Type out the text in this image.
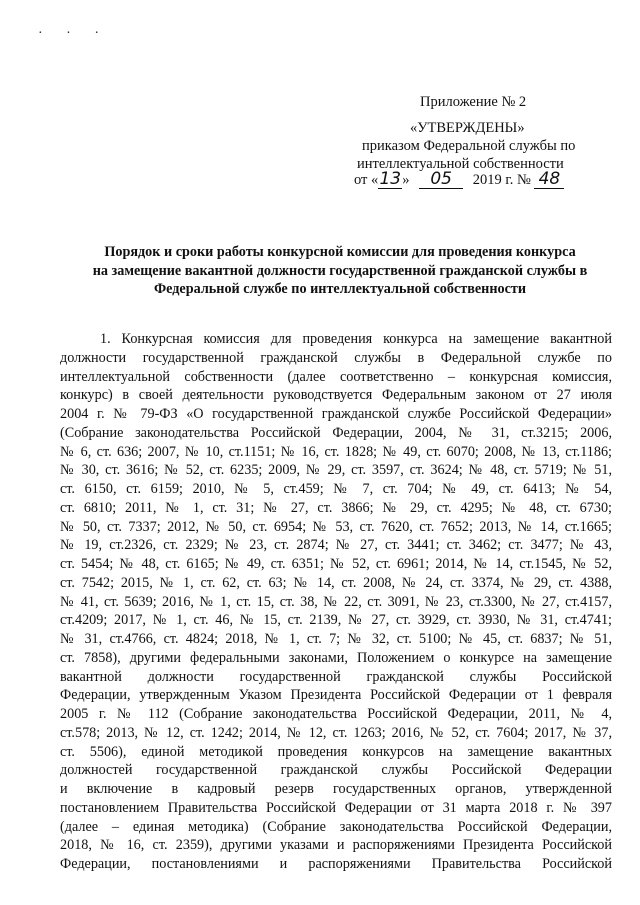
· · ·
Приложение № 2
«УТВЕРЖДЕНЫ»
приказом Федеральной службы по
интеллектуальной собственности
от «13» 05 2019 г. № 48
Порядок и сроки работы конкурсной комиссии для проведения конкурса
на замещение вакантной должности государственной гражданской службы в
Федеральной службе по интеллектуальной собственности
1. Конкурсная комиссия для проведения конкурса на замещение вакантной
должности государственной гражданской службы в Федеральной службе по
интеллектуальной собственности (далее соответственно – конкурсная комиссия,
конкурс) в своей деятельности руководствуется Федеральным законом от 27 июля
2004 г. № 79-ФЗ «О государственной гражданской службе Российской Федерации»
(Собрание законодательства Российской Федерации, 2004, № 31, ст.3215; 2006,
№ 6, ст. 636; 2007, № 10, ст.1151; № 16, ст. 1828; № 49, ст. 6070; 2008, № 13, ст.1186;
№ 30, ст. 3616; № 52, ст. 6235; 2009, № 29, ст. 3597, ст. 3624; № 48, ст. 5719; № 51,
ст. 6150, ст. 6159; 2010, № 5, ст.459; № 7, ст. 704; № 49, ст. 6413; № 54,
ст. 6810; 2011, № 1, ст. 31; № 27, ст. 3866; № 29, ст. 4295; № 48, ст. 6730;
№ 50, ст. 7337; 2012, № 50, ст. 6954; № 53, ст. 7620, ст. 7652; 2013, № 14, ст.1665;
№ 19, ст.2326, ст. 2329; № 23, ст. 2874; № 27, ст. 3441; ст. 3462; ст. 3477; № 43,
ст. 5454; № 48, ст. 6165; № 49, ст. 6351; № 52, ст. 6961; 2014, № 14, ст.1545, № 52,
ст. 7542; 2015, № 1, ст. 62, ст. 63; № 14, ст. 2008, № 24, ст. 3374, № 29, ст. 4388,
№ 41, ст. 5639; 2016, № 1, ст. 15, ст. 38, № 22, ст. 3091, № 23, ст.3300, № 27, ст.4157,
ст.4209; 2017, № 1, ст. 46, № 15, ст. 2139, № 27, ст. 3929, ст. 3930, № 31, ст.4741;
№ 31, ст.4766, ст. 4824; 2018, № 1, ст. 7; № 32, ст. 5100; № 45, ст. 6837; № 51,
ст. 7858), другими федеральными законами, Положением о конкурсе на замещение
вакантной должности государственной гражданской службы Российской
Федерации, утвержденным Указом Президента Российской Федерации от 1 февраля
2005 г. № 112 (Собрание законодательства Российской Федерации, 2011, № 4,
ст.578; 2013, № 12, ст. 1242; 2014, № 12, ст. 1263; 2016, № 52, ст. 7604; 2017, № 37,
ст. 5506), единой методикой проведения конкурсов на замещение вакантных
должностей государственной гражданской службы Российской Федерации
и включение в кадровый резерв государственных органов, утвержденной
постановлением Правительства Российской Федерации от 31 марта 2018 г. № 397
(далее – единая методика) (Собрание законодательства Российской Федерации,
2018, № 16, ст. 2359), другими указами и распоряжениями Президента Российской
Федерации, постановлениями и распоряжениями Правительства Российской
